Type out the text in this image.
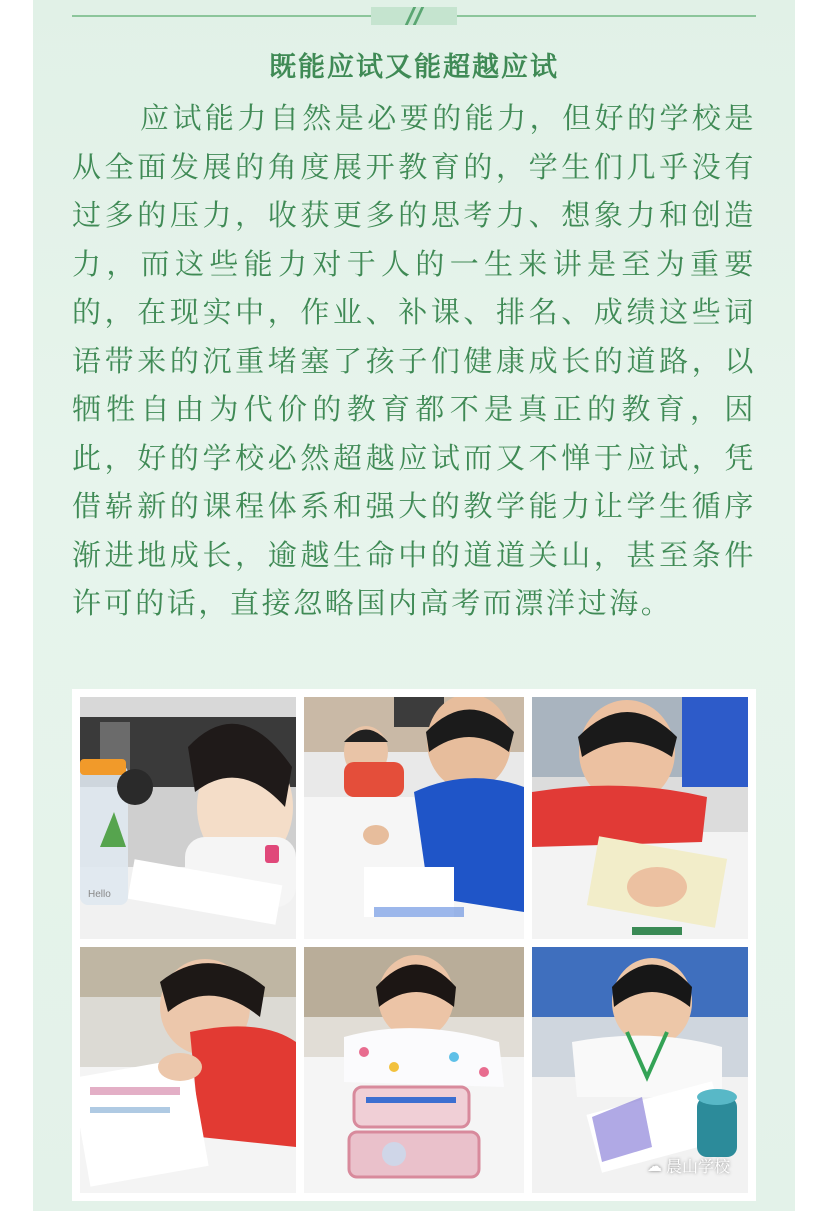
既能应试又能超越应试

应试能力自然是必要的能力，但好的学校是从全面发展的角度展开教育的，学生们几乎没有过多的压力，收获更多的思考力、想象力和创造力，而这些能力对于人的一生来讲是至为重要的，在现实中，作业、补课、排名、成绩这些词语带来的沉重堵塞了孩子们健康成长的道路，以牺牲自由为代价的教育都不是真正的教育，因此，好的学校必然超越应试而又不惮于应试，凭借崭新的课程体系和强大的教学能力让学生循序渐进地成长，逾越生命中的道道关山，甚至条件许可的话，直接忽略国内高考而漂洋过海。

Hello
☁ 晨山学校
